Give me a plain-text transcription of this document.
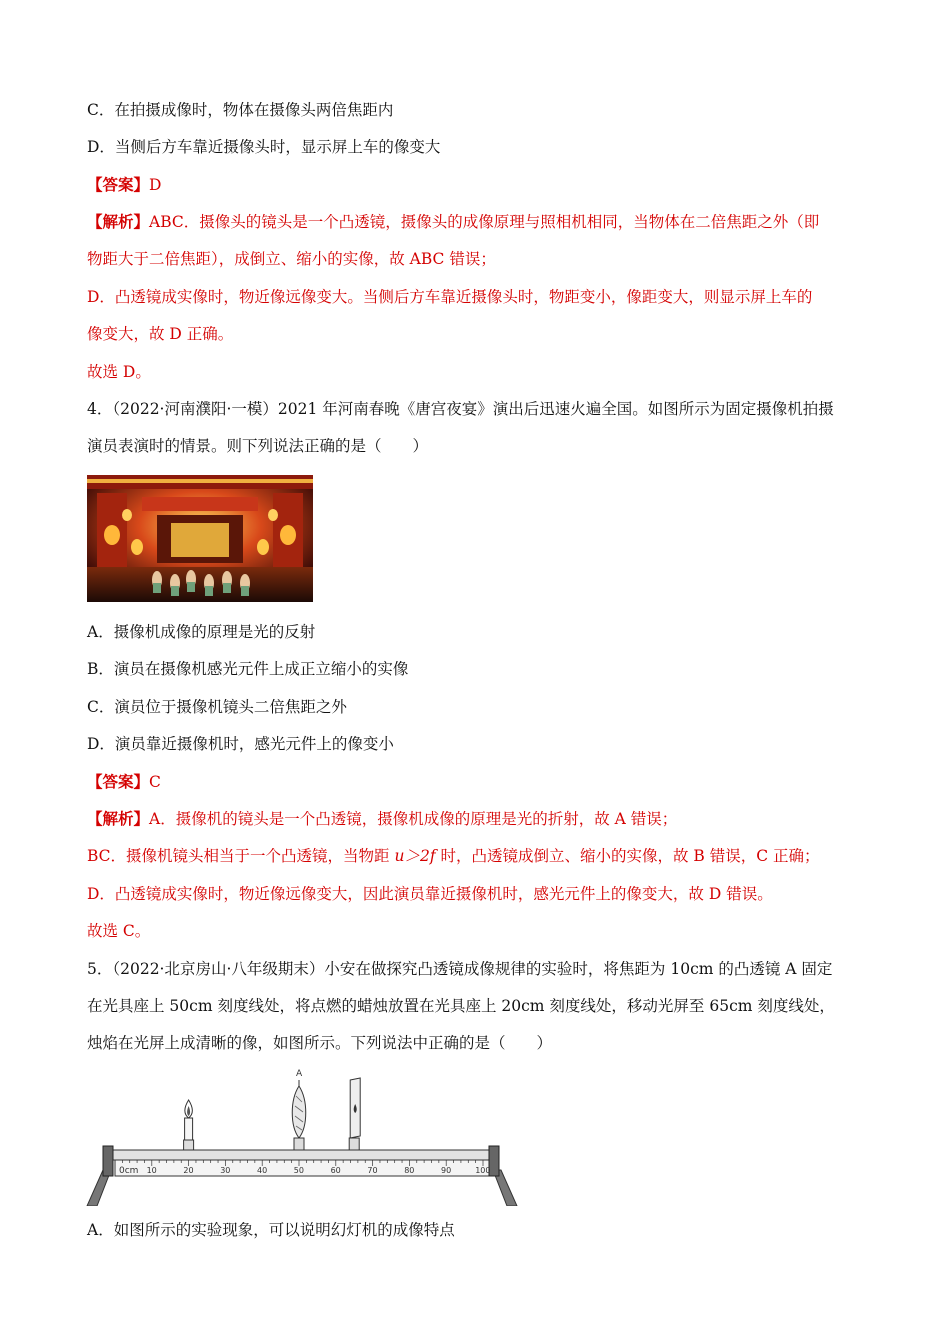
C．在拍摄成像时，物体在摄像头两倍焦距内
D．当侧后方车靠近摄像头时，显示屏上车的像变大
【答案】D
【解析】ABC．摄像头的镜头是一个凸透镜，摄像头的成像原理与照相机相同，当物体在二倍焦距之外（即
物距大于二倍焦距），成倒立、缩小的实像，故 ABC 错误；
D．凸透镜成实像时，物近像远像变大。当侧后方车靠近摄像头时，物距变小，像距变大，则显示屏上车的
像变大，故 D 正确。
故选 D。
4．（2022·河南濮阳·一模）2021 年河南春晚《唐宫夜宴》演出后迅速火遍全国。如图所示为固定摄像机拍摄
演员表演时的情景。则下列说法正确的是（　　）
A．摄像机成像的原理是光的反射
B．演员在摄像机感光元件上成正立缩小的实像
C．演员位于摄像机镜头二倍焦距之外
D．演员靠近摄像机时，感光元件上的像变小
【答案】C
【解析】A．摄像机的镜头是一个凸透镜，摄像机成像的原理是光的折射，故 A 错误；
BC．摄像机镜头相当于一个凸透镜，当物距 u＞2f 时，凸透镜成倒立、缩小的实像，故 B 错误，C 正确；
D．凸透镜成实像时，物近像远像变大，因此演员靠近摄像机时，感光元件上的像变大，故 D 错误。
故选 C。
5．（2022·北京房山·八年级期末）小安在做探究凸透镜成像规律的实验时，将焦距为 10cm 的凸透镜 A 固定
在光具座上 50cm 刻度线处，将点燃的蜡烛放置在光具座上 20cm 刻度线处，移动光屏至 65cm 刻度线处，
烛焰在光屏上成清晰的像，如图所示。下列说法中正确的是（　　）
0cm 10	20	30	40	50	60	70	80	90	100
A
A．如图所示的实验现象，可以说明幻灯机的成像特点
